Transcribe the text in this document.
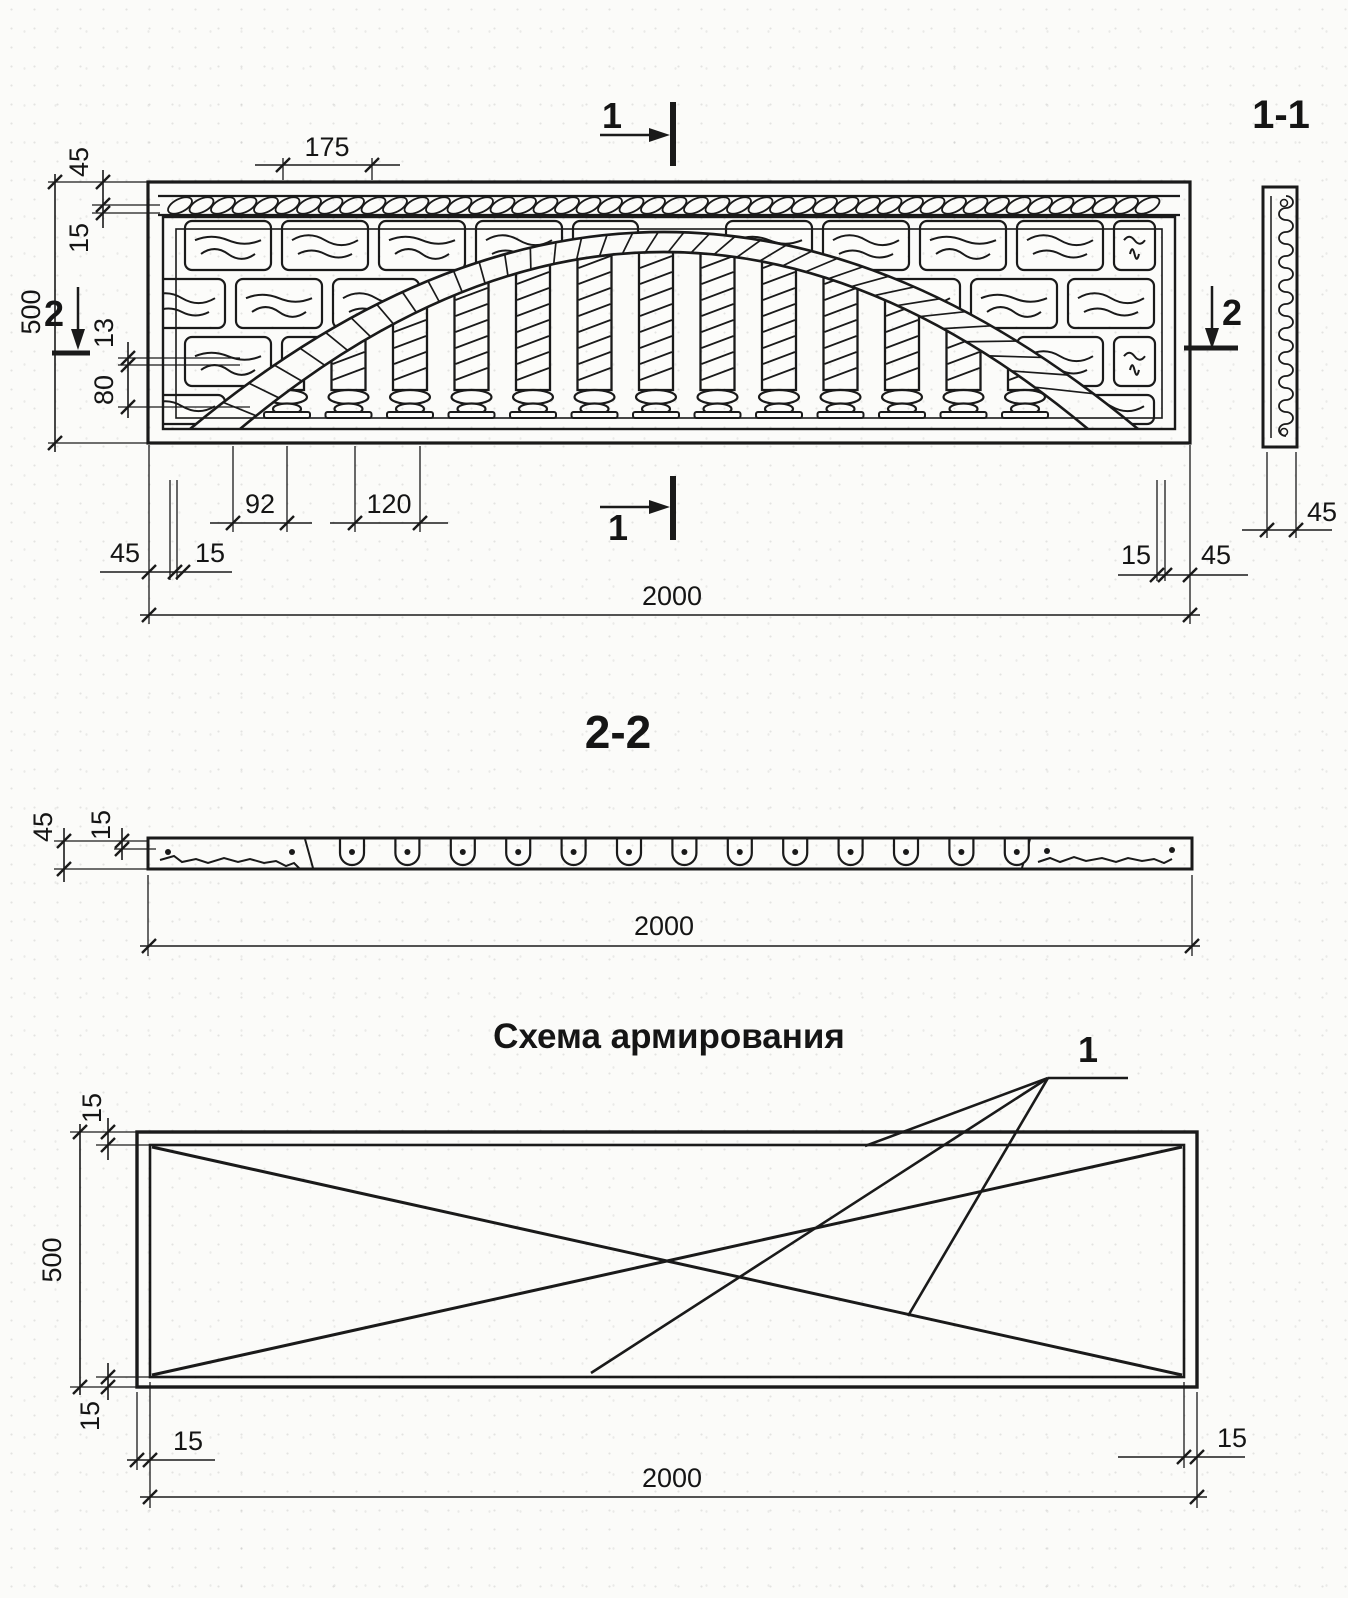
1
1
2	2
175
45
15
500 13
80
92	120
45 15	15 45
2000
1-1
45
2-2
45 15
2000
Схема армирования	1
15
500
15
15	15
2000
